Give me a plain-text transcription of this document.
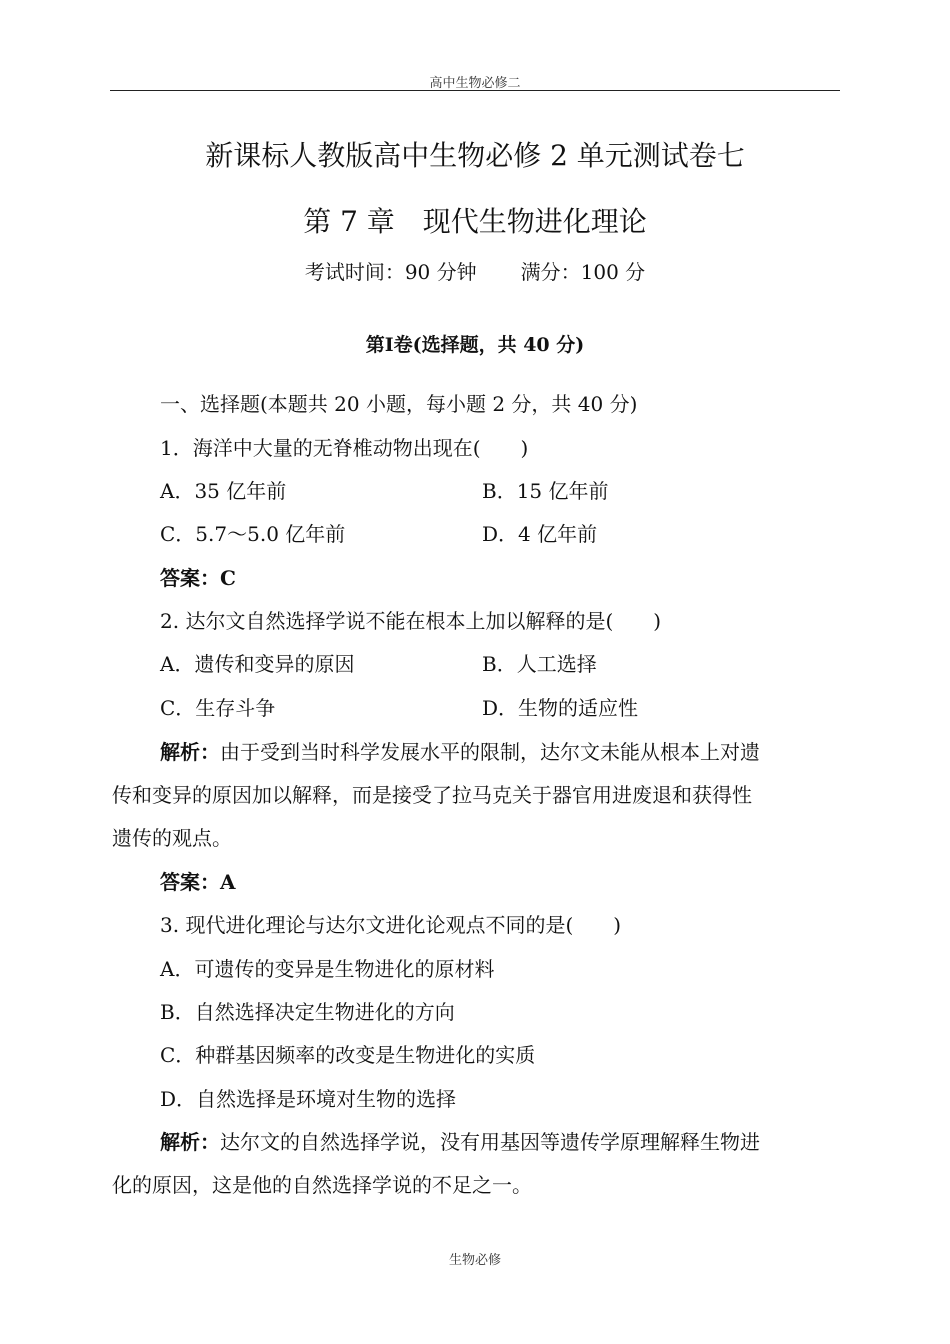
高中生物必修二
新课标人教版高中生物必修 2 单元测试卷七
第 7 章　现代生物进化理论
考试时间：90 分钟 满分：100 分
第Ⅰ卷(选择题，共 40 分)
一、选择题(本题共 20 小题，每小题 2 分，共 40 分)
1．海洋中大量的无脊椎动物出现在(　　)
A．35 亿年前	B．15 亿年前
C．5.7～5.0 亿年前	D．4 亿年前
答案：C
2. 达尔文自然选择学说不能在根本上加以解释的是(　　)
A．遗传和变异的原因	B．人工选择
C．生存斗争	D．生物的适应性
解析：由于受到当时科学发展水平的限制，达尔文未能从根本上对遗
传和变异的原因加以解释，而是接受了拉马克关于器官用进废退和获得性
遗传的观点。
答案：A
3. 现代进化理论与达尔文进化论观点不同的是(　　)
A．可遗传的变异是生物进化的原材料
B．自然选择决定生物进化的方向
C．种群基因频率的改变是生物进化的实质
D．自然选择是环境对生物的选择
解析：达尔文的自然选择学说，没有用基因等遗传学原理解释生物进
化的原因，这是他的自然选择学说的不足之一。
生物必修
